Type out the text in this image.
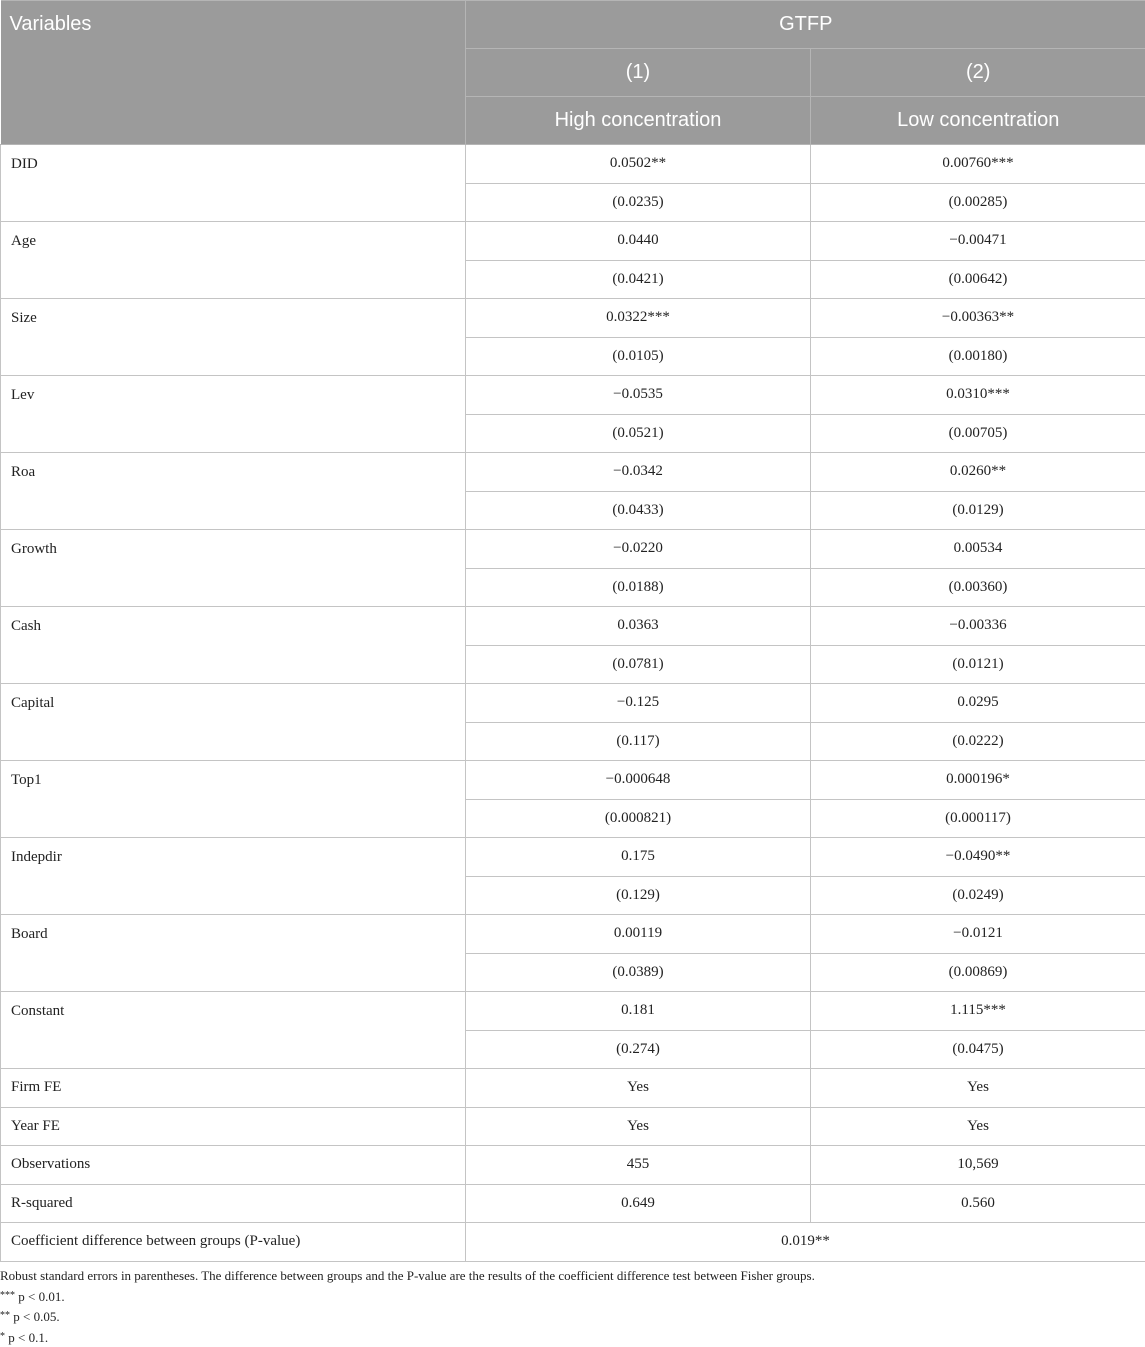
Variables	GTFP	
	(1)	(2)
	High concentration	Low concentration
DID	0.0502**	0.00760***
	(0.0235)	(0.00285)
Age	0.0440	−0.00471
	(0.0421)	(0.00642)
Size	0.0322***	−0.00363**
	(0.0105)	(0.00180)
Lev	−0.0535	0.0310***
	(0.0521)	(0.00705)
Roa	−0.0342	0.0260**
	(0.0433)	(0.0129)
Growth	−0.0220	0.00534
	(0.0188)	(0.00360)
Cash	0.0363	−0.00336
	(0.0781)	(0.0121)
Capital	−0.125	0.0295
	(0.117)	(0.0222)
Top1	−0.000648	0.000196*
	(0.000821)	(0.000117)
Indepdir	0.175	−0.0490**
	(0.129)	(0.0249)
Board	0.00119	−0.0121
	(0.0389)	(0.00869)
Constant	0.181	1.115***
	(0.274)	(0.0475)
Firm FE	Yes	Yes
Year FE	Yes	Yes
Observations	455	10,569
R-squared	0.649	0.560
Coefficient difference between groups (P-value)	0.019**	
Robust standard errors in parentheses. The difference between groups and the P-value are the results of the coefficient difference test between Fisher groups.
*** p < 0.01.
** p < 0.05.
* p < 0.1.
